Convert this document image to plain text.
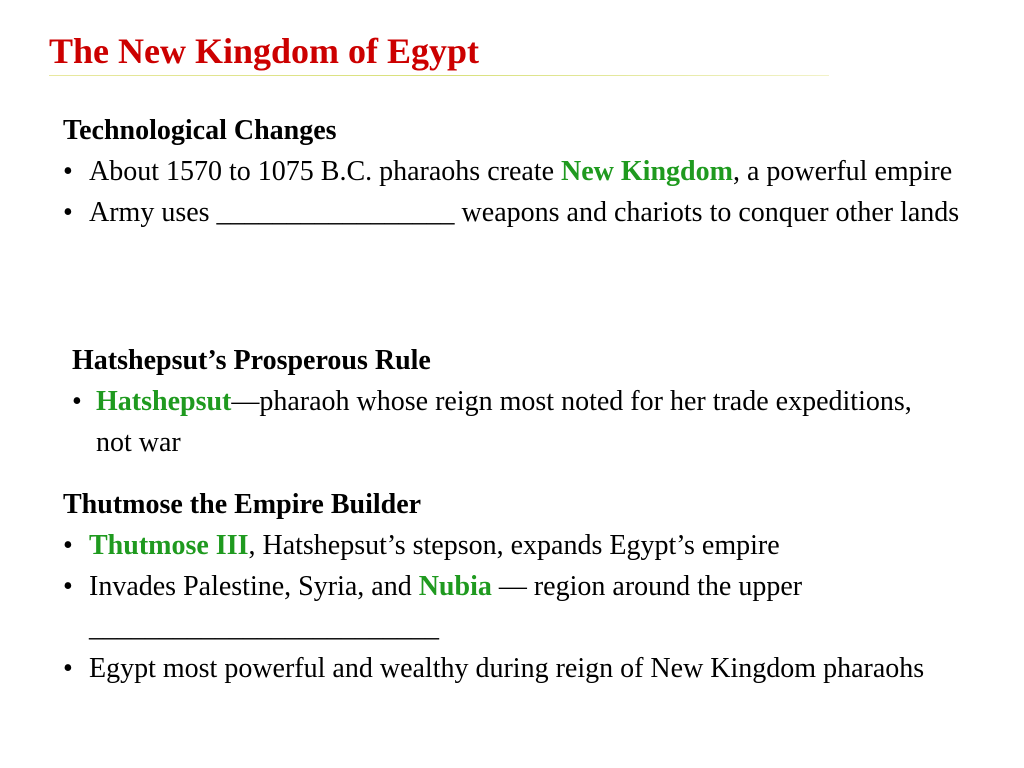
The New Kingdom of Egypt
Technological Changes
• About 1570 to 1075 B.C. pharaohs create New Kingdom, a powerful empire
• Army uses _________________ weapons and chariots to conquer other lands
Hatshepsut’s Prosperous Rule
• Hatshepsut—pharaoh whose reign most noted for her trade expeditions, not war
Thutmose the Empire Builder
• Thutmose III, Hatshepsut’s stepson, expands Egypt’s empire
• Invades Palestine, Syria, and Nubia — region around the upper _________________________
• Egypt most powerful and wealthy during reign of New Kingdom pharaohs
